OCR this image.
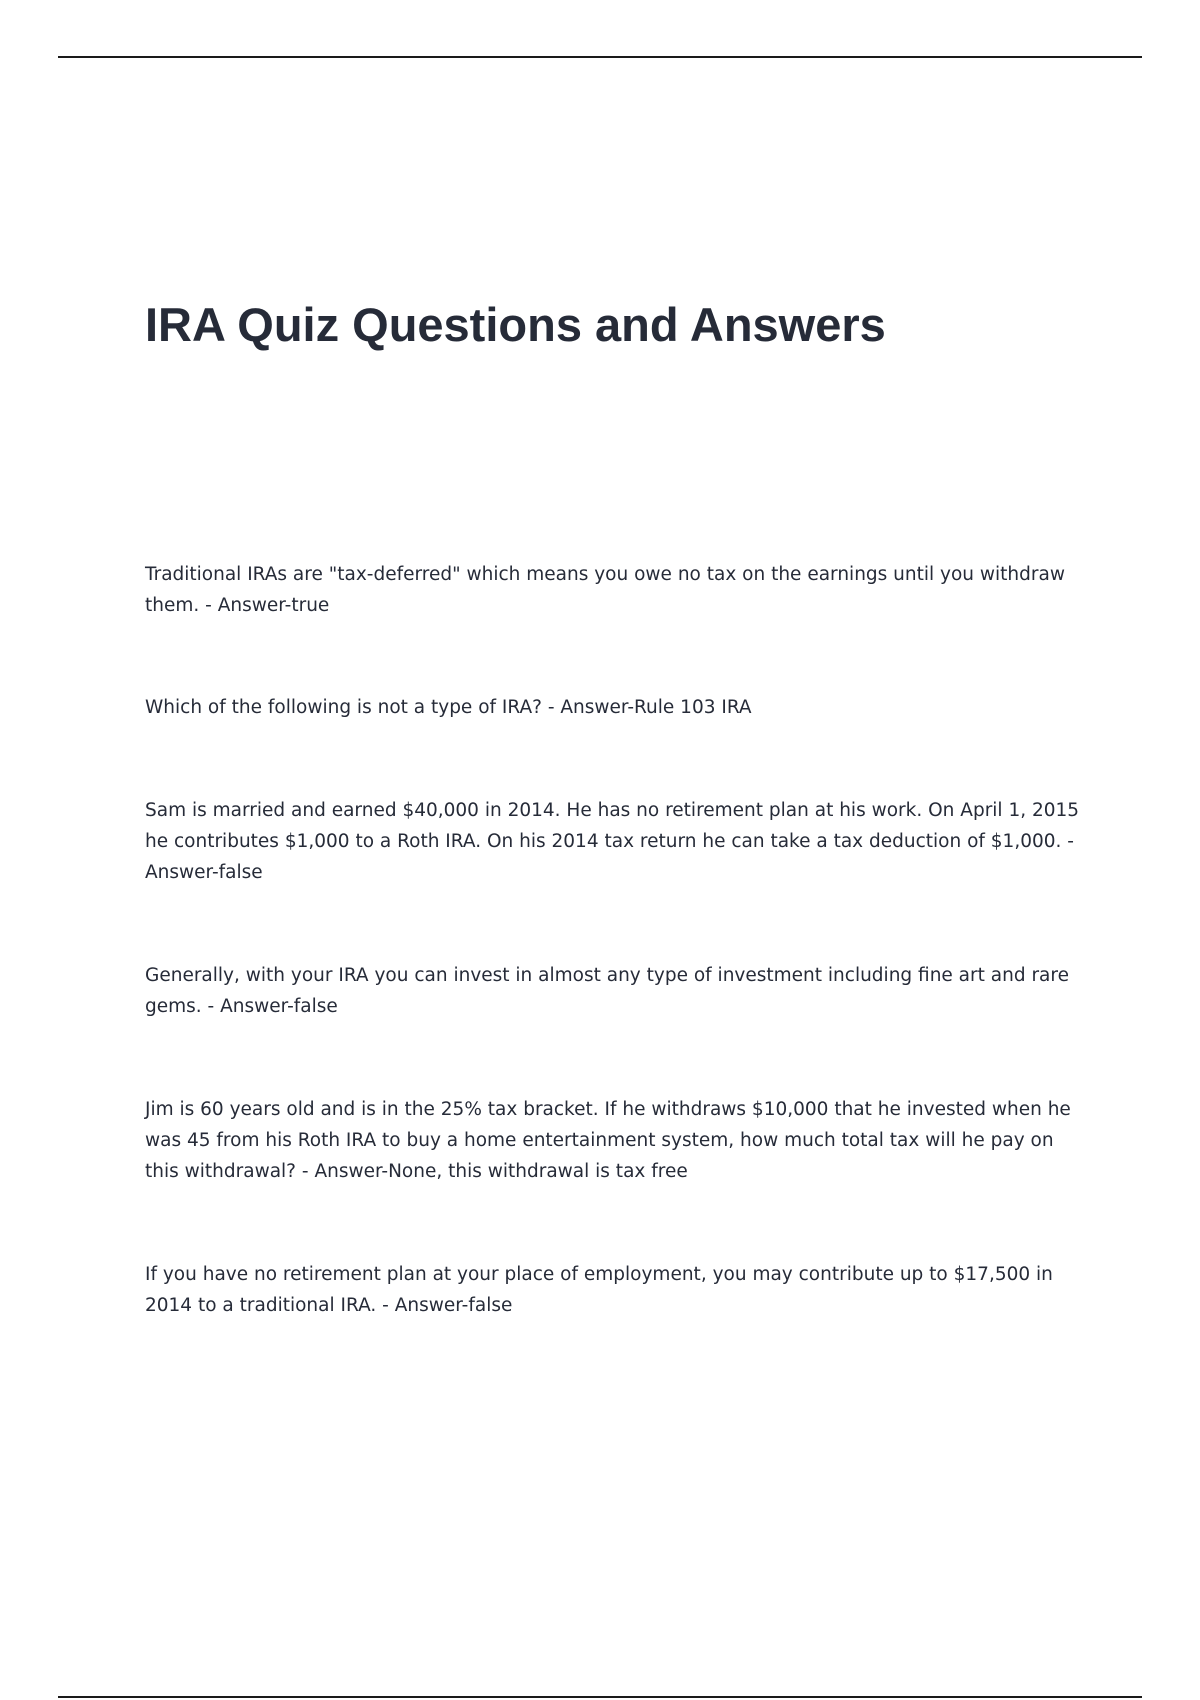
IRA Quiz Questions and Answers
Traditional IRAs are "tax-deferred" which means you owe no tax on the earnings until you withdraw them. - Answer-true
Which of the following is not a type of IRA? - Answer-Rule 103 IRA
Sam is married and earned $40,000 in 2014. He has no retirement plan at his work. On April 1, 2015 he contributes $1,000 to a Roth IRA. On his 2014 tax return he can take a tax deduction of $1,000. - Answer-false
Generally, with your IRA you can invest in almost any type of investment including fine art and rare gems. - Answer-false
Jim is 60 years old and is in the 25% tax bracket. If he withdraws $10,000 that he invested when he was 45 from his Roth IRA to buy a home entertainment system, how much total tax will he pay on this withdrawal? - Answer-None, this withdrawal is tax free
If you have no retirement plan at your place of employment, you may contribute up to $17,500 in 2014 to a traditional IRA. - Answer-false
